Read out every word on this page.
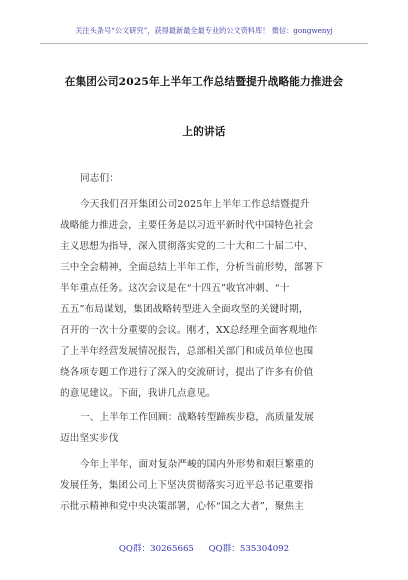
关注头条号“公文研究”，获得最新最全最专业的公文资料库！ 微信：gongwenyj
在集团公司2025年上半年工作总结暨提升战略能力推进会
上的讲话
同志们：
今天我们召开集团公司2025年上半年工作总结暨提升
战略能力推进会，主要任务是以习近平新时代中国特色社会
主义思想为指导，深入贯彻落实党的二十大和二十届二中、
三中全会精神，全面总结上半年工作，分析当前形势，部署下
半年重点任务。这次会议是在“十四五”收官冲刺、“十
五五”布局谋划，集团战略转型进入全面攻坚的关键时期，
召开的一次十分重要的会议。刚才，XX总经理全面客观地作
了上半年经营发展情况报告，总部相关部门和成员单位也围
绕各项专题工作进行了深入的交流研讨，提出了许多有价值
的意见建议。下面，我讲几点意见。
一、上半年工作回顾：战略转型蹄疾步稳，高质量发展
迈出坚实步伐
今年上半年，面对复杂严峻的国内外形势和艰巨繁重的
发展任务，集团公司上下坚决贯彻落实习近平总书记重要指
示批示精神和党中央决策部署，心怀“国之大者”，聚焦主
QQ群：30265665 QQ群：535304092
